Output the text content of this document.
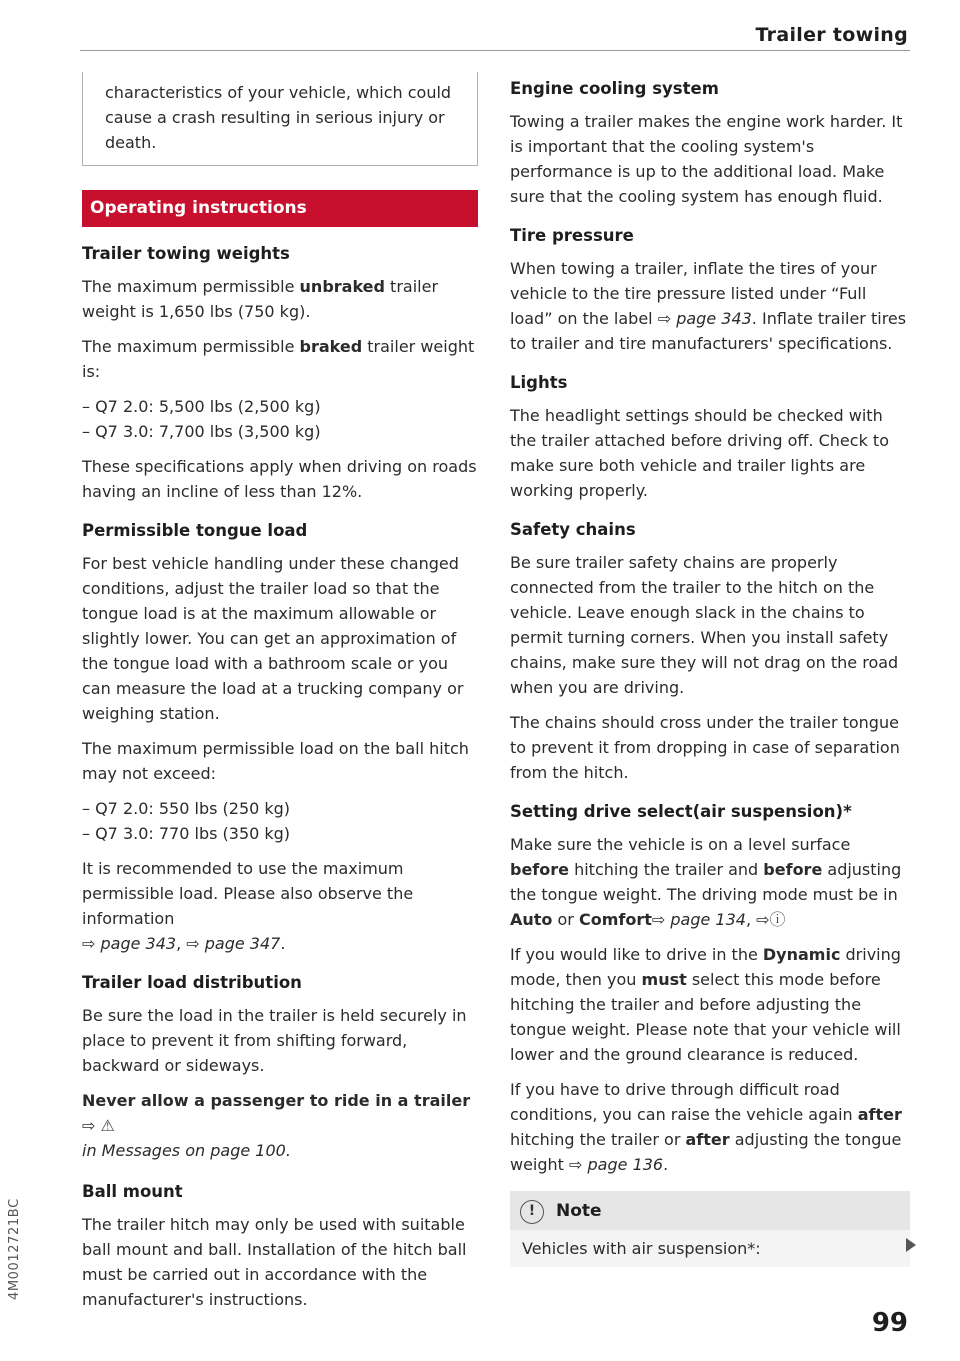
Trailer towing
characteristics of your vehicle, which could cause a crash resulting in serious injury or death.
Operating instructions
Trailer towing weights

The maximum permissible unbraked trailer weight is 1,650 lbs (750 kg).

The maximum permissible braked trailer weight is:

– Q7 2.0: 5,500 lbs (2,500 kg)
– Q7 3.0: 7,700 lbs (3,500 kg)

These specifications apply when driving on roads having an incline of less than 12%.

Permissible tongue load

For best vehicle handling under these changed conditions, adjust the trailer load so that the tongue load is at the maximum allowable or slightly lower. You can get an approximation of the tongue load with a bathroom scale or you can measure the load at a trucking company or weighing station.

The maximum permissible load on the ball hitch may not exceed:

– Q7 2.0: 550 lbs (250 kg)
– Q7 3.0: 770 lbs (350 kg)

It is recommended to use the maximum permissible load. Please also observe the information
⇨ page 343, ⇨ page 347.

Trailer load distribution

Be sure the load in the trailer is held securely in place to prevent it from shifting forward, backward or sideways.

Never allow a passenger to ride in a trailer ⇨ ⚠
in Messages on page 100.

Ball mount

The trailer hitch may only be used with suitable ball mount and ball. Installation of the hitch ball must be carried out in accordance with the manufacturer's instructions.

Engine cooling system

Towing a trailer makes the engine work harder. It is important that the cooling system's performance is up to the additional load. Make sure that the cooling system has enough fluid.

Tire pressure

When towing a trailer, inflate the tires of your vehicle to the tire pressure listed under “Full load” on the label ⇨ page 343. Inflate trailer tires to trailer and tire manufacturers' specifications.

Lights

The headlight settings should be checked with the trailer attached before driving off. Check to make sure both vehicle and trailer lights are working properly.

Safety chains

Be sure trailer safety chains are properly connected from the trailer to the hitch on the vehicle. Leave enough slack in the chains to permit turning corners. When you install safety chains, make sure they will not drag on the road when you are driving.

The chains should cross under the trailer tongue to prevent it from dropping in case of separation from the hitch.

Setting drive select(air suspension)*

Make sure the vehicle is on a level surface before hitching the trailer and before adjusting the tongue weight. The driving mode must be in Auto or Comfort⇨ page 134, ⇨ⓘ

If you would like to drive in the Dynamic driving mode, then you must select this mode before hitching the trailer and before adjusting the tongue weight. Please note that your vehicle will lower and the ground clearance is reduced.

If you have to drive through difficult road conditions, you can raise the vehicle again after hitching the trailer or after adjusting the tongue weight ⇨ page 136.

!	Note
Vehicles with air suspension*:
4M0012721BC
99
